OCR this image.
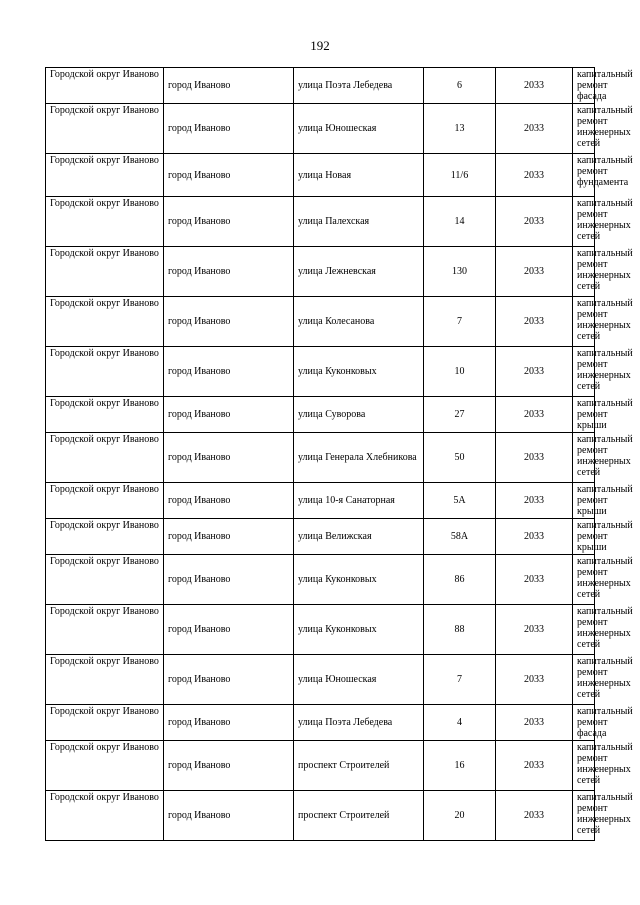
192
Городской округ Иваново	город Иваново	улица Поэта Лебедева	6	2033	капитальный ремонт фасада
Городской округ Иваново	город Иваново	улица Юношеская	13	2033	капитальный ремонт инженерных сетей
Городской округ Иваново	город Иваново	улица Новая	11/6	2033	капитальный ремонт фундамента
Городской округ Иваново	город Иваново	улица Палехская	14	2033	капитальный ремонт инженерных сетей
Городской округ Иваново	город Иваново	улица Лежневская	130	2033	капитальный ремонт инженерных сетей
Городской округ Иваново	город Иваново	улица Колесанова	7	2033	капитальный ремонт инженерных сетей
Городской округ Иваново	город Иваново	улица Куконковых	10	2033	капитальный ремонт инженерных сетей
Городской округ Иваново	город Иваново	улица Суворова	27	2033	капитальный ремонт крыши
Городской округ Иваново	город Иваново	улица Генерала Хлебникова	50	2033	капитальный ремонт инженерных сетей
Городской округ Иваново	город Иваново	улица 10-я Санаторная	5А	2033	капитальный ремонт крыши
Городской округ Иваново	город Иваново	улица Велижская	58А	2033	капитальный ремонт крыши
Городской округ Иваново	город Иваново	улица Куконковых	86	2033	капитальный ремонт инженерных сетей
Городской округ Иваново	город Иваново	улица Куконковых	88	2033	капитальный ремонт инженерных сетей
Городской округ Иваново	город Иваново	улица Юношеская	7	2033	капитальный ремонт инженерных сетей
Городской округ Иваново	город Иваново	улица Поэта Лебедева	4	2033	капитальный ремонт фасада
Городской округ Иваново	город Иваново	проспект Строителей	16	2033	капитальный ремонт инженерных сетей
Городской округ Иваново	город Иваново	проспект Строителей	20	2033	капитальный ремонт инженерных сетей
